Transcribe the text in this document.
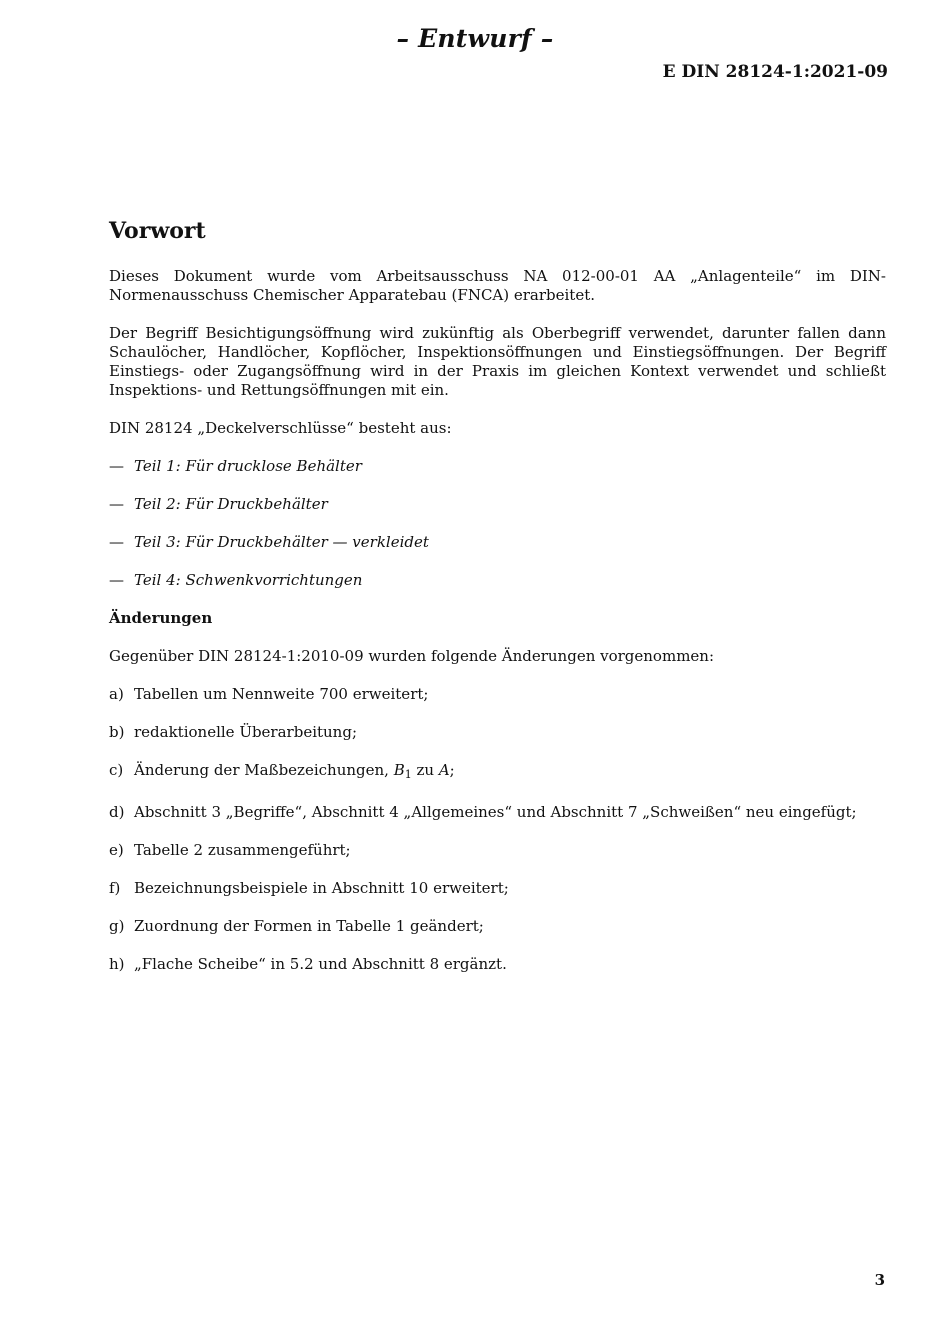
– Entwurf –
E DIN 28124-1:2021-09
Vorwort
Dieses Dokument wurde vom Arbeitsausschuss NA 012-00-01 AA „Anlagenteile“ im DIN-Normenausschuss Chemischer Apparatebau (FNCA) erarbeitet.
Der Begriff Besichtigungsöffnung wird zukünftig als Oberbegriff verwendet, darunter fallen dann Schaulöcher, Handlöcher, Kopflöcher, Inspektionsöffnungen und Einstiegsöffnungen. Der Begriff Einstiegs- oder Zugangsöffnung wird in der Praxis im gleichen Kontext verwendet und schließt Inspektions- und Rettungsöffnungen mit ein.
DIN 28124 „Deckelverschlüsse“ besteht aus:
— Teil 1: Für drucklose Behälter
— Teil 2: Für Druckbehälter
— Teil 3: Für Druckbehälter — verkleidet
— Teil 4: Schwenkvorrichtungen
Änderungen
Gegenüber DIN 28124-1:2010-09 wurden folgende Änderungen vorgenommen:
a) Tabellen um Nennweite 700 erweitert;
b) redaktionelle Überarbeitung;
c) Änderung der Maßbezeichungen, $B_1$ zu A;
d) Abschnitt 3 „Begriffe“, Abschnitt 4 „Allgemeines“ und Abschnitt 7 „Schweißen“ neu eingefügt;
e) Tabelle 2 zusammengeführt;
f) Bezeichnungsbeispiele in Abschnitt 10 erweitert;
g) Zuordnung der Formen in Tabelle 1 geändert;
h) „Flache Scheibe“ in 5.2 und Abschnitt 8 ergänzt.
3
